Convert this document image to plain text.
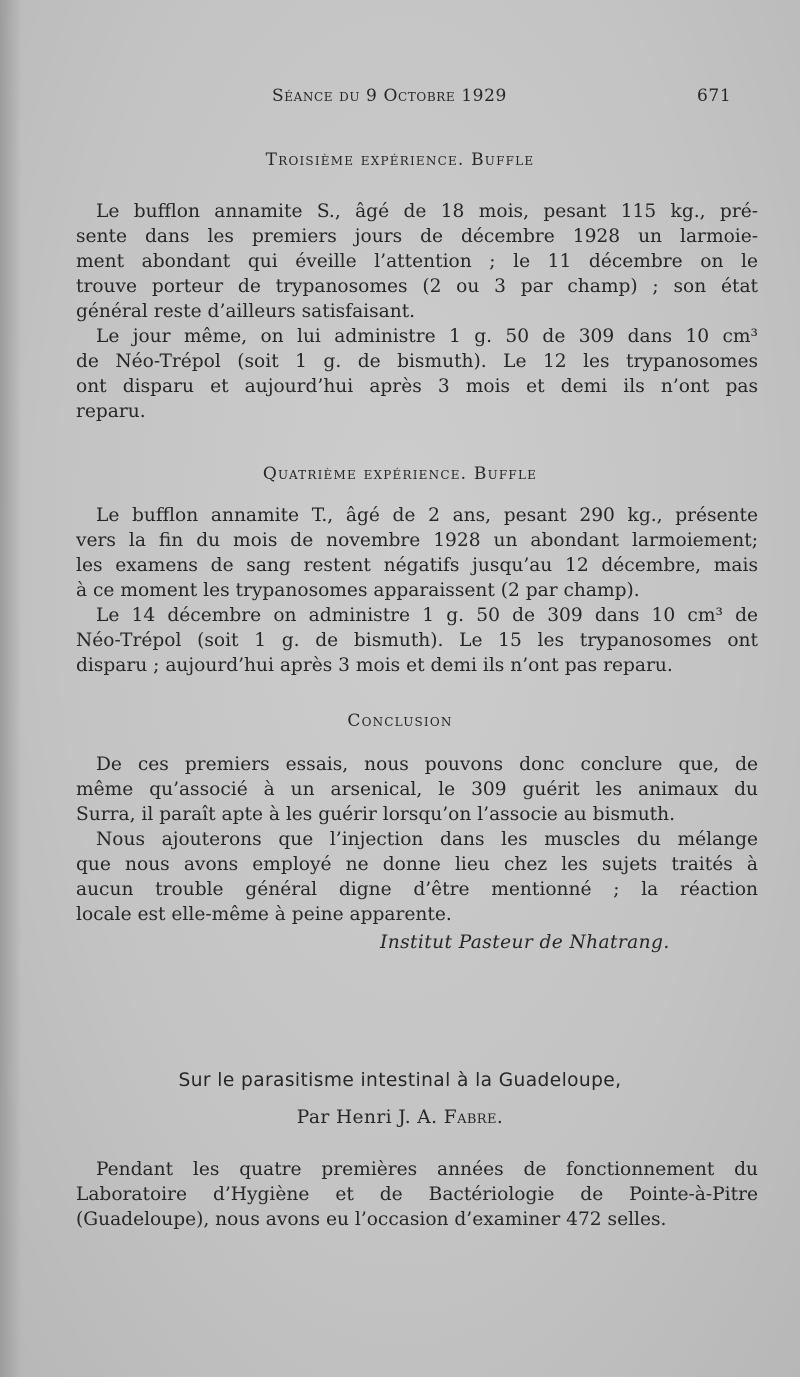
Séance du 9 Octobre 1929	671
Troisième expérience. Buffle
Le bufflon annamite S., âgé de 18 mois, pesant 115 kg., pré-
sente dans les premiers jours de décembre 1928 un larmoie-
ment abondant qui éveille l’attention ; le 11 décembre on le
trouve porteur de trypanosomes (2 ou 3 par champ) ; son état
général reste d’ailleurs satisfaisant.
Le jour même, on lui administre 1 g. 50 de 309 dans 10 cm³
de Néo-Trépol (soit 1 g. de bismuth). Le 12 les trypanosomes
ont disparu et aujourd’hui après 3 mois et demi ils n’ont pas
reparu.
Quatrième expérience. Buffle
Le bufflon annamite T., âgé de 2 ans, pesant 290 kg., présente
vers la fin du mois de novembre 1928 un abondant larmoiement;
les examens de sang restent négatifs jusqu’au 12 décembre, mais
à ce moment les trypanosomes apparaissent (2 par champ).
Le 14 décembre on administre 1 g. 50 de 309 dans 10 cm³ de
Néo-Trépol (soit 1 g. de bismuth). Le 15 les trypanosomes ont
disparu ; aujourd’hui après 3 mois et demi ils n’ont pas reparu.
Conclusion
De ces premiers essais, nous pouvons donc conclure que, de
même qu’associé à un arsenical, le 309 guérit les animaux du
Surra, il paraît apte à les guérir lorsqu’on l’associe au bismuth.
Nous ajouterons que l’injection dans les muscles du mélange
que nous avons employé ne donne lieu chez les sujets traités à
aucun trouble général digne d’être mentionné ; la réaction
locale est elle-même à peine apparente.
Institut Pasteur de Nhatrang.
Sur le parasitisme intestinal à la Guadeloupe,
Par Henri J. A. Fabre.
Pendant les quatre premières années de fonctionnement du
Laboratoire d’Hygiène et de Bactériologie de Pointe-à-Pitre
(Guadeloupe), nous avons eu l’occasion d’examiner 472 selles.
